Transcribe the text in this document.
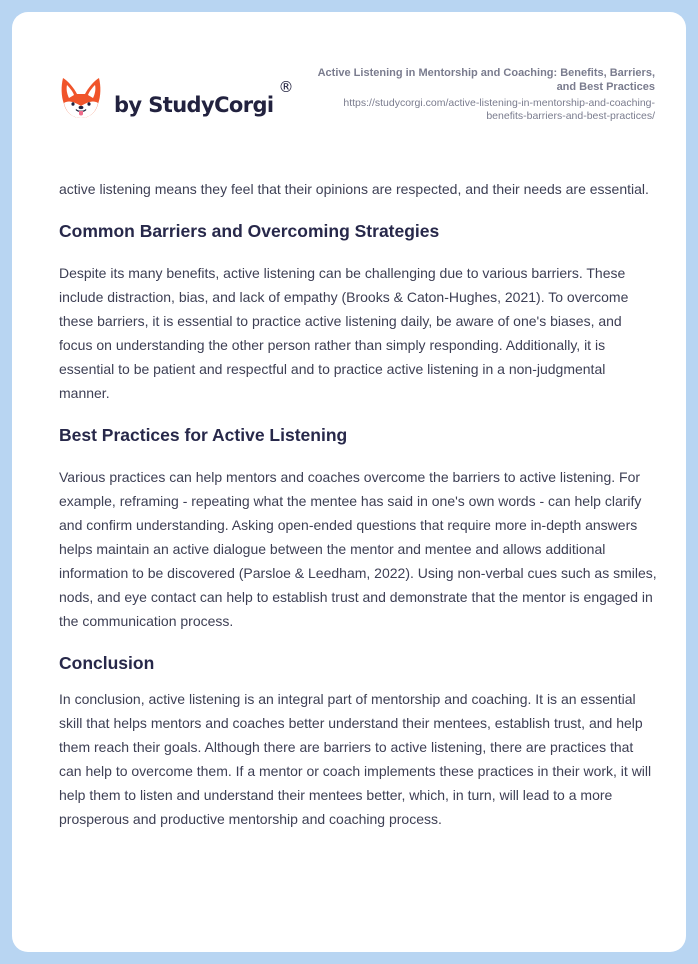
by StudyCorgi
®
Active Listening in Mentorship and Coaching: Benefits, Barriers, and Best Practices
https://studycorgi.com/active-listening-in-mentorship-and-coaching-benefits-barriers-and-best-practices/

active listening means they feel that their opinions are respected, and their needs are essential.

Common Barriers and Overcoming Strategies

Despite its many benefits, active listening can be challenging due to various barriers. These include distraction, bias, and lack of empathy (Brooks & Caton-Hughes, 2021). To overcome these barriers, it is essential to practice active listening daily, be aware of one's biases, and focus on understanding the other person rather than simply responding. Additionally, it is essential to be patient and respectful and to practice active listening in a non-judgmental manner.

Best Practices for Active Listening

Various practices can help mentors and coaches overcome the barriers to active listening. For example, reframing - repeating what the mentee has said in one's own words - can help clarify and confirm understanding. Asking open-ended questions that require more in-depth answers helps maintain an active dialogue between the mentor and mentee and allows additional information to be discovered (Parsloe & Leedham, 2022). Using non-verbal cues such as smiles, nods, and eye contact can help to establish trust and demonstrate that the mentor is engaged in the communication process.

Conclusion

In conclusion, active listening is an integral part of mentorship and coaching. It is an essential skill that helps mentors and coaches better understand their mentees, establish trust, and help them reach their goals. Although there are barriers to active listening, there are practices that can help to overcome them. If a mentor or coach implements these practices in their work, it will help them to listen and understand their mentees better, which, in turn, will lead to a more prosperous and productive mentorship and coaching process.
